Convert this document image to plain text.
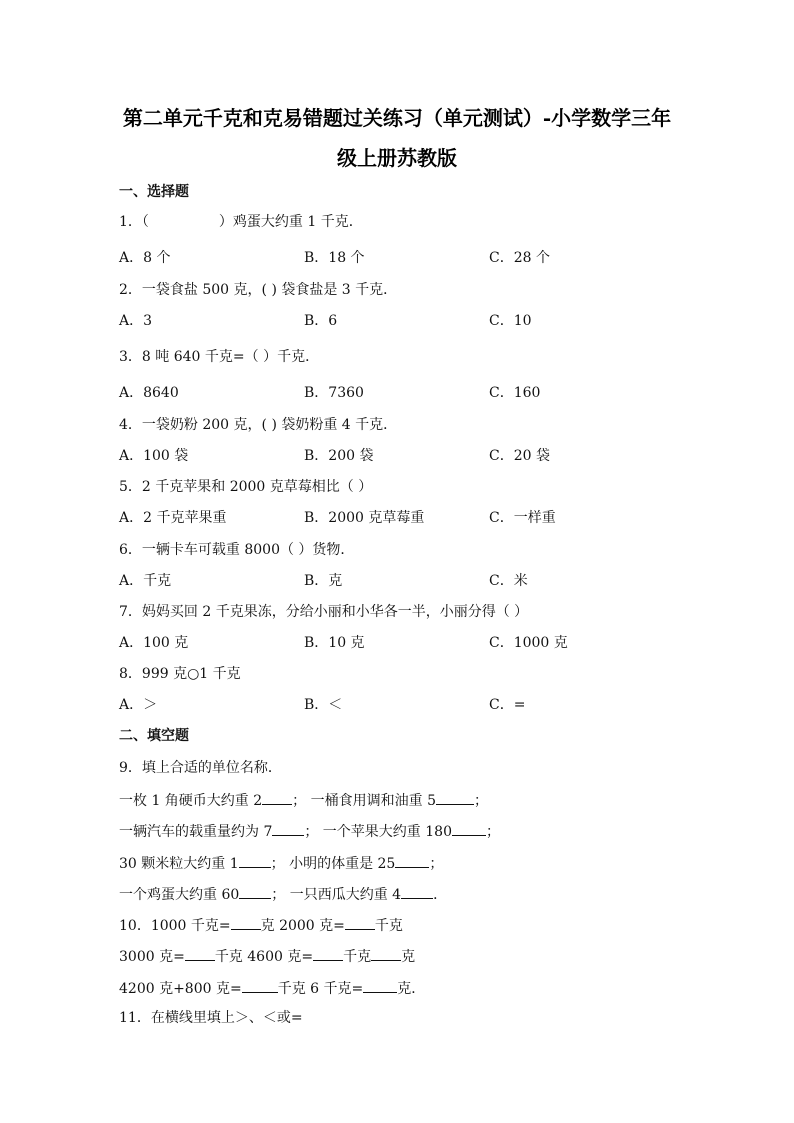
第二单元千克和克易错题过关练习（单元测试）-小学数学三年
级上册苏教版
一、选择题
1．（	）鸡蛋大约重 1 千克．
A．8 个	B．18 个	C．28 个
2．一袋食盐 500 克，( ) 袋食盐是 3 千克．
A．3	B．6	C．10
3．8 吨 640 千克=（ ）千克．
A．8640	B．7360	C．160
4．一袋奶粉 200 克，( ) 袋奶粉重 4 千克．
A．100 袋	B．200 袋	C．20 袋
5．2 千克苹果和 2000 克草莓相比（ ）
A．2 千克苹果重	B．2000 克草莓重	C．一样重
6．一辆卡车可载重 8000（ ）货物．
A．千克	B．克	C．米
7．妈妈买回 2 千克果冻，分给小丽和小华各一半，小丽分得（ ）
A．100 克	B．10 克	C．1000 克
8．999 克○1 千克
A．＞	B．＜	C．=
二、填空题
9．填上合适的单位名称．
一枚 1 角硬币大约重 2 ； 一桶食用调和油重 5	；
一辆汽车的载重量约为 7 ； 一个苹果大约重 180 ；
30 颗米粒大约重 1 ； 小明的体重是 25 ；
一个鸡蛋大约重 60 ； 一只西瓜大约重 4 ．
10．1000 千克= 克 2000 克= 千克
3000 克= 千克 4600 克= 千克 克
4200 克+800 克=	千克 6 千克= 克．
11．在横线里填上＞、＜或=
